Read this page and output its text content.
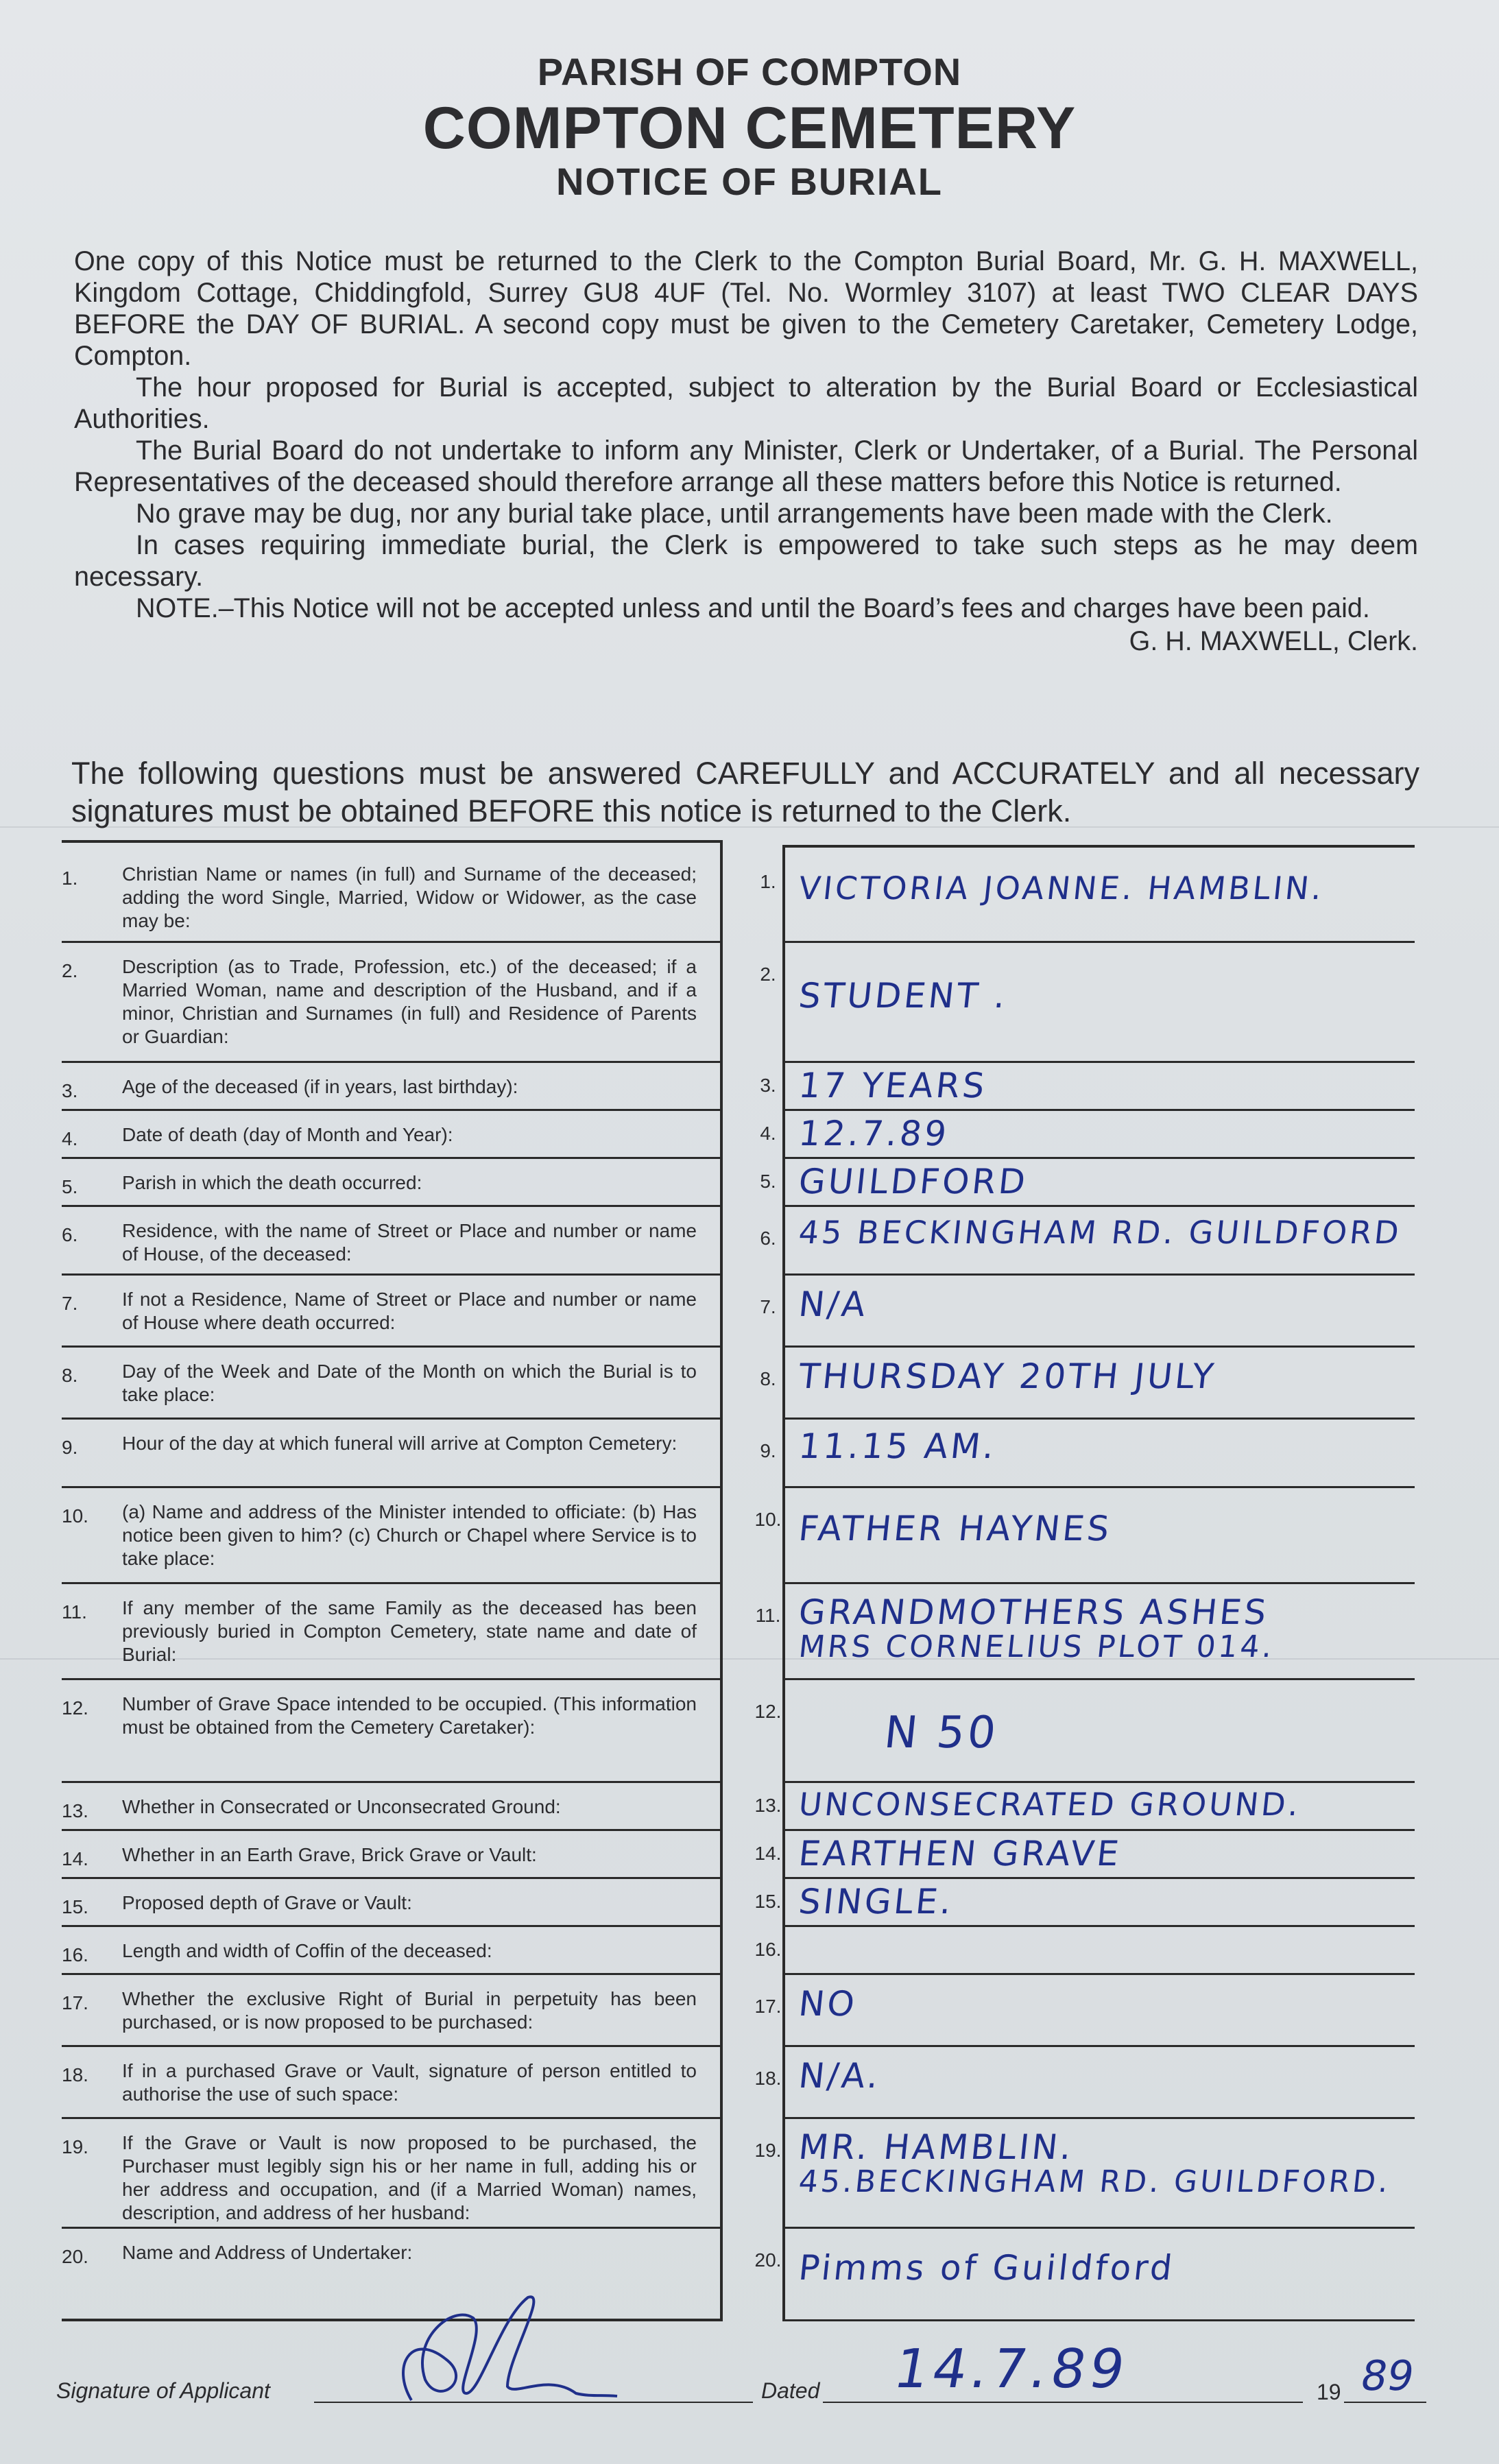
PARISH OF COMPTON
COMPTON CEMETERY
NOTICE OF BURIAL

One copy of this Notice must be returned to the Clerk to the Compton Burial Board, Mr. G. H. MAXWELL, Kingdom Cottage, Chiddingfold, Surrey GU8 4UF (Tel. No. Wormley 3107) at least TWO CLEAR DAYS BEFORE the DAY OF BURIAL. A second copy must be given to the Cemetery Caretaker, Cemetery Lodge, Compton.

The hour proposed for Burial is accepted, subject to alteration by the Burial Board or Ecclesiastical Authorities.

The Burial Board do not undertake to inform any Minister, Clerk or Undertaker, of a Burial. The Personal Representatives of the deceased should therefore arrange all these matters before this Notice is returned.

No grave may be dug, nor any burial take place, until arrangements have been made with the Clerk.

In cases requiring immediate burial, the Clerk is empowered to take such steps as he may deem necessary.

NOTE.–This Notice will not be accepted unless and until the Board’s fees and charges have been paid.

G. H. MAXWELL, Clerk.

The following questions must be answered CAREFULLY and ACCURATELY and all necessary signatures must be obtained BEFORE this notice is returned to the Clerk.
1. Christian Name or names (in full) and Surname of the deceased; adding the word Single, Married, Widow or Widower, as the case may be:
1. VICTORIA JOANNE. HAMBLIN.
2. Description (as to Trade, Profession, etc.) of the deceased; if a Married Woman, name and description of the Husband, and if a minor, Christian and Surnames (in full) and Residence of Parents or Guardian:
2.
STUDENT .
3. Age of the deceased (if in years, last birthday):	3. 17 YEARS
4. Date of death (day of Month and Year):	4. 12.7.89
5. Parish in which the death occurred:	5. GUILDFORD
6. Residence, with the name of Street or Place and number or name of House, of the deceased:
6. 45 BECKINGHAM RD. GUILDFORD
7. If not a Residence, Name of Street or Place and number or name of House where death occurred:
7. N/A
8. Day of the Week and Date of the Month on which the Burial is to take place:
8. THURSDAY 20TH JULY
9. Hour of the day at which funeral will arrive at Compton Cemetery:	9. 11.15 AM.
10. (a) Name and address of the Minister intended to officiate: (b) Has notice been given to him? (c) Church or Chapel where Service is to take place:
10. FATHER HAYNES
11. If any member of the same Family as the deceased has been previously buried in Compton Cemetery, state name and date of Burial:
11. GRANDMOTHERS ASHES
MRS CORNELIUS PLOT 014.
12. Number of Grave Space intended to be occupied. (This information must be obtained from the Cemetery Caretaker):
12. N 50
13. Whether in Consecrated or Unconsecrated Ground:	13. UNCONSECRATED GROUND.
14. Whether in an Earth Grave, Brick Grave or Vault:	14. EARTHEN GRAVE
15. Proposed depth of Grave or Vault:	15. SINGLE.
16. Length and width of Coffin of the deceased:	16.
17. Whether the exclusive Right of Burial in perpetuity has been purchased, or is now proposed to be purchased:
17. NO
18. If in a purchased Grave or Vault, signature of person entitled to authorise the use of such space:
18. N/A.
19. If the Grave or Vault is now proposed to be purchased, the Purchaser must legibly sign his or her name in full, adding his or her address and occupation, and (if a Married Woman) names, description, and address of her husband:
19. MR. HAMBLIN.
45.BECKINGHAM RD. GUILDFORD.
20. Name and Address of Undertaker:	20. Pimms of Guildford
Signature of Applicant	Dated 14.7.89	19 89
